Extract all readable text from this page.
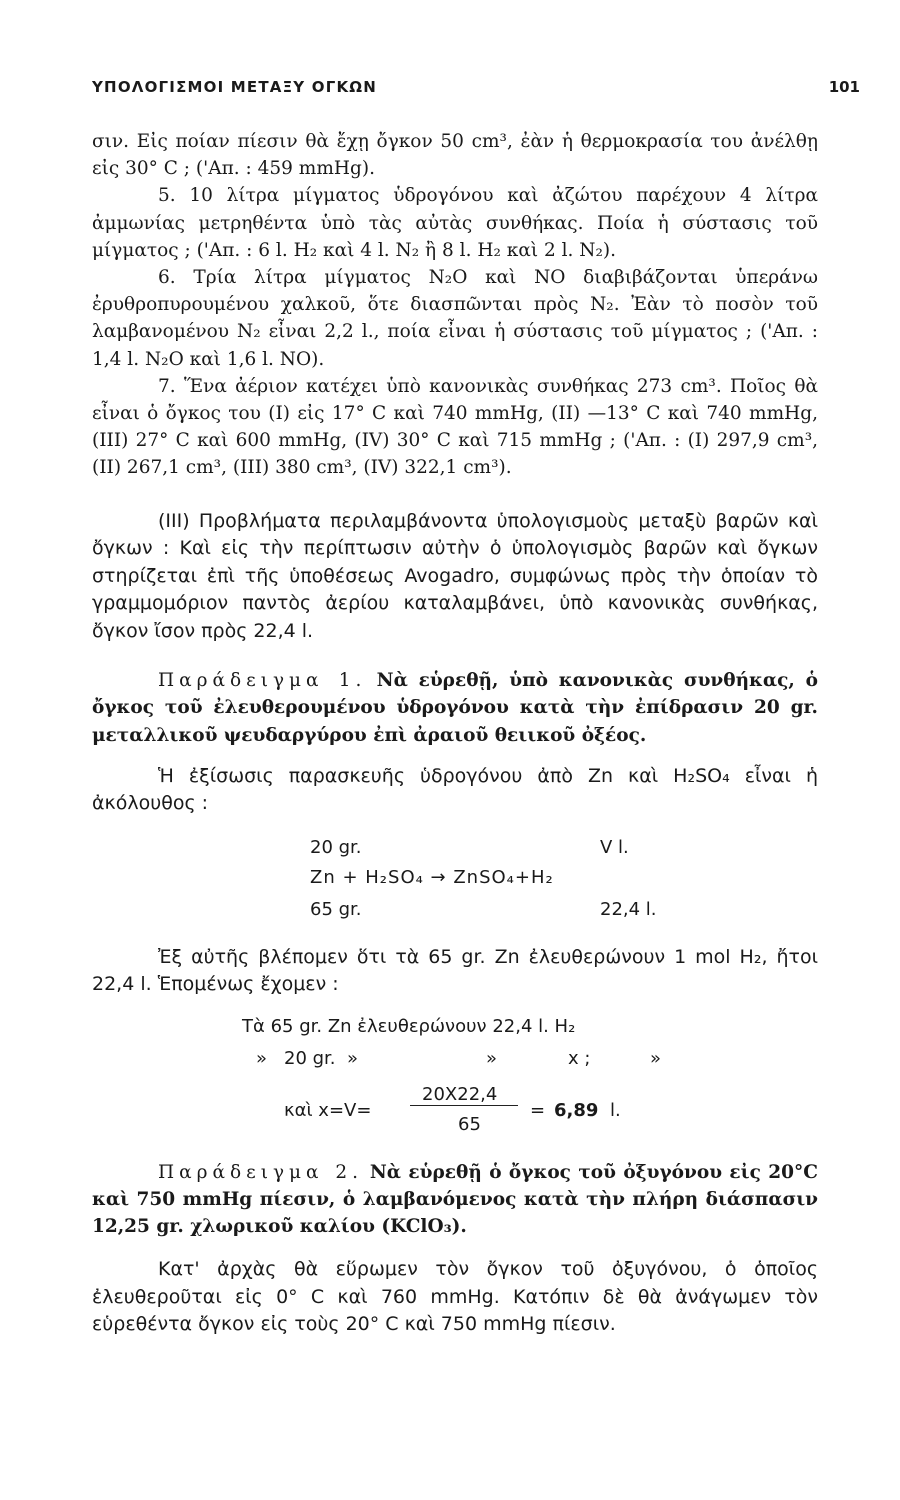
ΥΠΟΛΟΓΙΣΜΟΙ ΜΕΤΑΞΥ ΟΓΚΩΝ	101

σιν. Εἰς ποίαν πίεσιν θὰ ἔχῃ ὄγκον 50 cm³, ἐὰν ἡ θερμοκρασία του ἀνέλθῃ εἰς 30° C ; ('Απ. : 459 mmHg).

5. 10 λίτρα μίγματος ὑδρογόνου καὶ ἀζώτου παρέχουν 4 λίτρα ἀμμωνίας μετρηθέντα ὑπὸ τὰς αὐτὰς συνθήκας. Ποία ἡ σύστασις τοῦ μίγματος ; ('Απ. : 6 l. H₂ καὶ 4 l. N₂ ἢ 8 l. H₂ καὶ 2 l. N₂).

6. Τρία λίτρα μίγματος N₂O καὶ NO διαβιβάζονται ὑπεράνω ἐρυθροπυρουμένου χαλκοῦ, ὅτε διασπῶνται πρὸς N₂. Ἐὰν τὸ ποσὸν τοῦ λαμβανομένου N₂ εἶναι 2,2 l., ποία εἶναι ἡ σύστασις τοῦ μίγματος ; ('Απ. : 1,4 l. N₂O καὶ 1,6 l. NO).

7. Ἕνα ἀέριον κατέχει ὑπὸ κανονικὰς συνθήκας 273 cm³. Ποῖος θὰ εἶναι ὁ ὄγκος του (I) εἰς 17° C καὶ 740 mmHg, (II) —13° C καὶ 740 mmHg, (III) 27° C καὶ 600 mmHg, (IV) 30° C καὶ 715 mmHg ; ('Απ. : (I) 297,9 cm³, (II) 267,1 cm³, (III) 380 cm³, (IV) 322,1 cm³).

(III) Προβλήματα περιλαμβάνοντα ὑπολογισμοὺς μεταξὺ βαρῶν καὶ ὄγκων : Καὶ εἰς τὴν περίπτωσιν αὐτὴν ὁ ὑπολογισμὸς βαρῶν καὶ ὄγκων στηρίζεται ἐπὶ τῆς ὑποθέσεως Avogadro, συμφώνως πρὸς τὴν ὁποίαν τὸ γραμμομόριον παντὸς ἀερίου καταλαμβάνει, ὑπὸ κανονικὰς συνθήκας, ὄγκον ἴσον πρὸς 22,4 l.

Παράδειγμα 1. Νὰ εὑρεθῇ, ὑπὸ κανονικὰς συνθήκας, ὁ ὄγκος τοῦ ἐλευθερουμένου ὑδρογόνου κατὰ τὴν ἐπίδρασιν 20 gr. μεταλλικοῦ ψευδαργύρου ἐπὶ ἀραιοῦ θειικοῦ ὀξέος.

Ἡ ἐξίσωσις παρασκευῆς ὑδρογόνου ἀπὸ Zn καὶ H₂SO₄ εἶναι ἡ ἀκόλουθος :

20 gr.	V l.
Zn + H₂SO₄ → ZnSO₄+H₂
65 gr.	22,4 l.

Ἐξ αὐτῆς βλέπομεν ὅτι τὰ 65 gr. Zn ἐλευθερώνουν 1 mol H₂, ἤτοι 22,4 l. Ἑπομένως ἔχομεν :

Τὰ 65 gr. Zn ἐλευθερώνουν 22,4 l. H₂
» 20 gr. »	»	x ;	»
καὶ x=V=
20X22,4
65
= 6,89 l.

Παράδειγμα 2. Νὰ εὑρεθῇ ὁ ὄγκος τοῦ ὀξυγόνου εἰς 20°C καὶ 750 mmHg πίεσιν, ὁ λαμβανόμενος κατὰ τὴν πλήρη διάσπασιν 12,25 gr. χλωρικοῦ καλίου (KClO₃).

Κατ' ἀρχὰς θὰ εὕρωμεν τὸν ὄγκον τοῦ ὀξυγόνου, ὁ ὁποῖος ἐλευθεροῦται εἰς 0° C καὶ 760 mmHg. Κατόπιν δὲ θὰ ἀνάγωμεν τὸν εὑρεθέντα ὄγκον εἰς τοὺς 20° C καὶ 750 mmHg πίεσιν.
